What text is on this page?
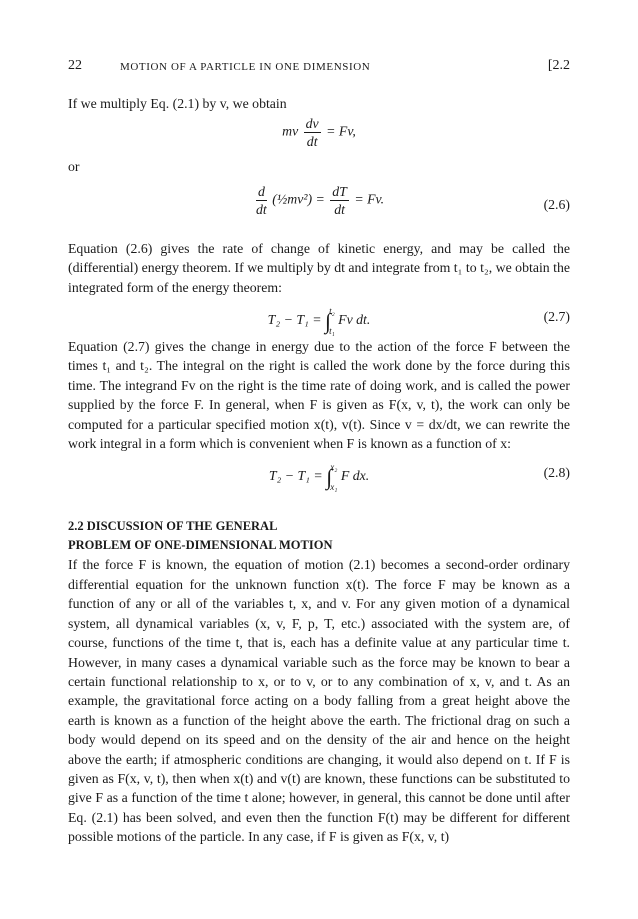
22	MOTION OF A PARTICLE IN ONE DIMENSION	[2.2

If we multiply Eq. (2.1) by v, we obtain

mv $\frac{dv}{dt} = Fv$,

or

$\frac{d}{dt}$ (½mv²) = $\frac{dT}{dt} = Fv$.	(2.6)

Equation (2.6) gives the rate of change of kinetic energy, and may be called the (differential) energy theorem. If we multiply by dt and integrate from t₁ to t₂, we obtain the integrated form of the energy theorem:

T₂ − T₁ = ∫
t₂
t₁
Fv dt.	(2.7)

Equation (2.7) gives the change in energy due to the action of the force F between the times t₁ and t₂. The integral on the right is called the work done by the force during this time. The integrand Fv on the right is the time rate of doing work, and is called the power supplied by the force F. In general, when F is given as F(x, v, t), the work can only be computed for a particular specified motion x(t), v(t). Since v = dx/dt, we can rewrite the work integral in a form which is convenient when F is known as a function of x:

T₂ − T₁ = ∫
x₂
x₁
F dx.	(2.8)
2.2 DISCUSSION OF THE GENERAL
PROBLEM OF ONE-DIMENSIONAL MOTION

If the force F is known, the equation of motion (2.1) becomes a second-order ordinary differential equation for the unknown function x(t). The force F may be known as a function of any or all of the variables t, x, and v. For any given motion of a dynamical system, all dynamical variables (x, v, F, p, T, etc.) associated with the system are, of course, functions of the time t, that is, each has a definite value at any particular time t. However, in many cases a dynamical variable such as the force may be known to bear a certain functional relationship to x, or to v, or to any combination of x, v, and t. As an example, the gravitational force acting on a body falling from a great height above the earth is known as a function of the height above the earth. The frictional drag on such a body would depend on its speed and on the density of the air and hence on the height above the earth; if atmospheric conditions are changing, it would also depend on t. If F is given as F(x, v, t), then when x(t) and v(t) are known, these functions can be substituted to give F as a function of the time t alone; however, in general, this cannot be done until after Eq. (2.1) has been solved, and even then the function F(t) may be different for different possible motions of the particle. In any case, if F is given as F(x, v, t)
